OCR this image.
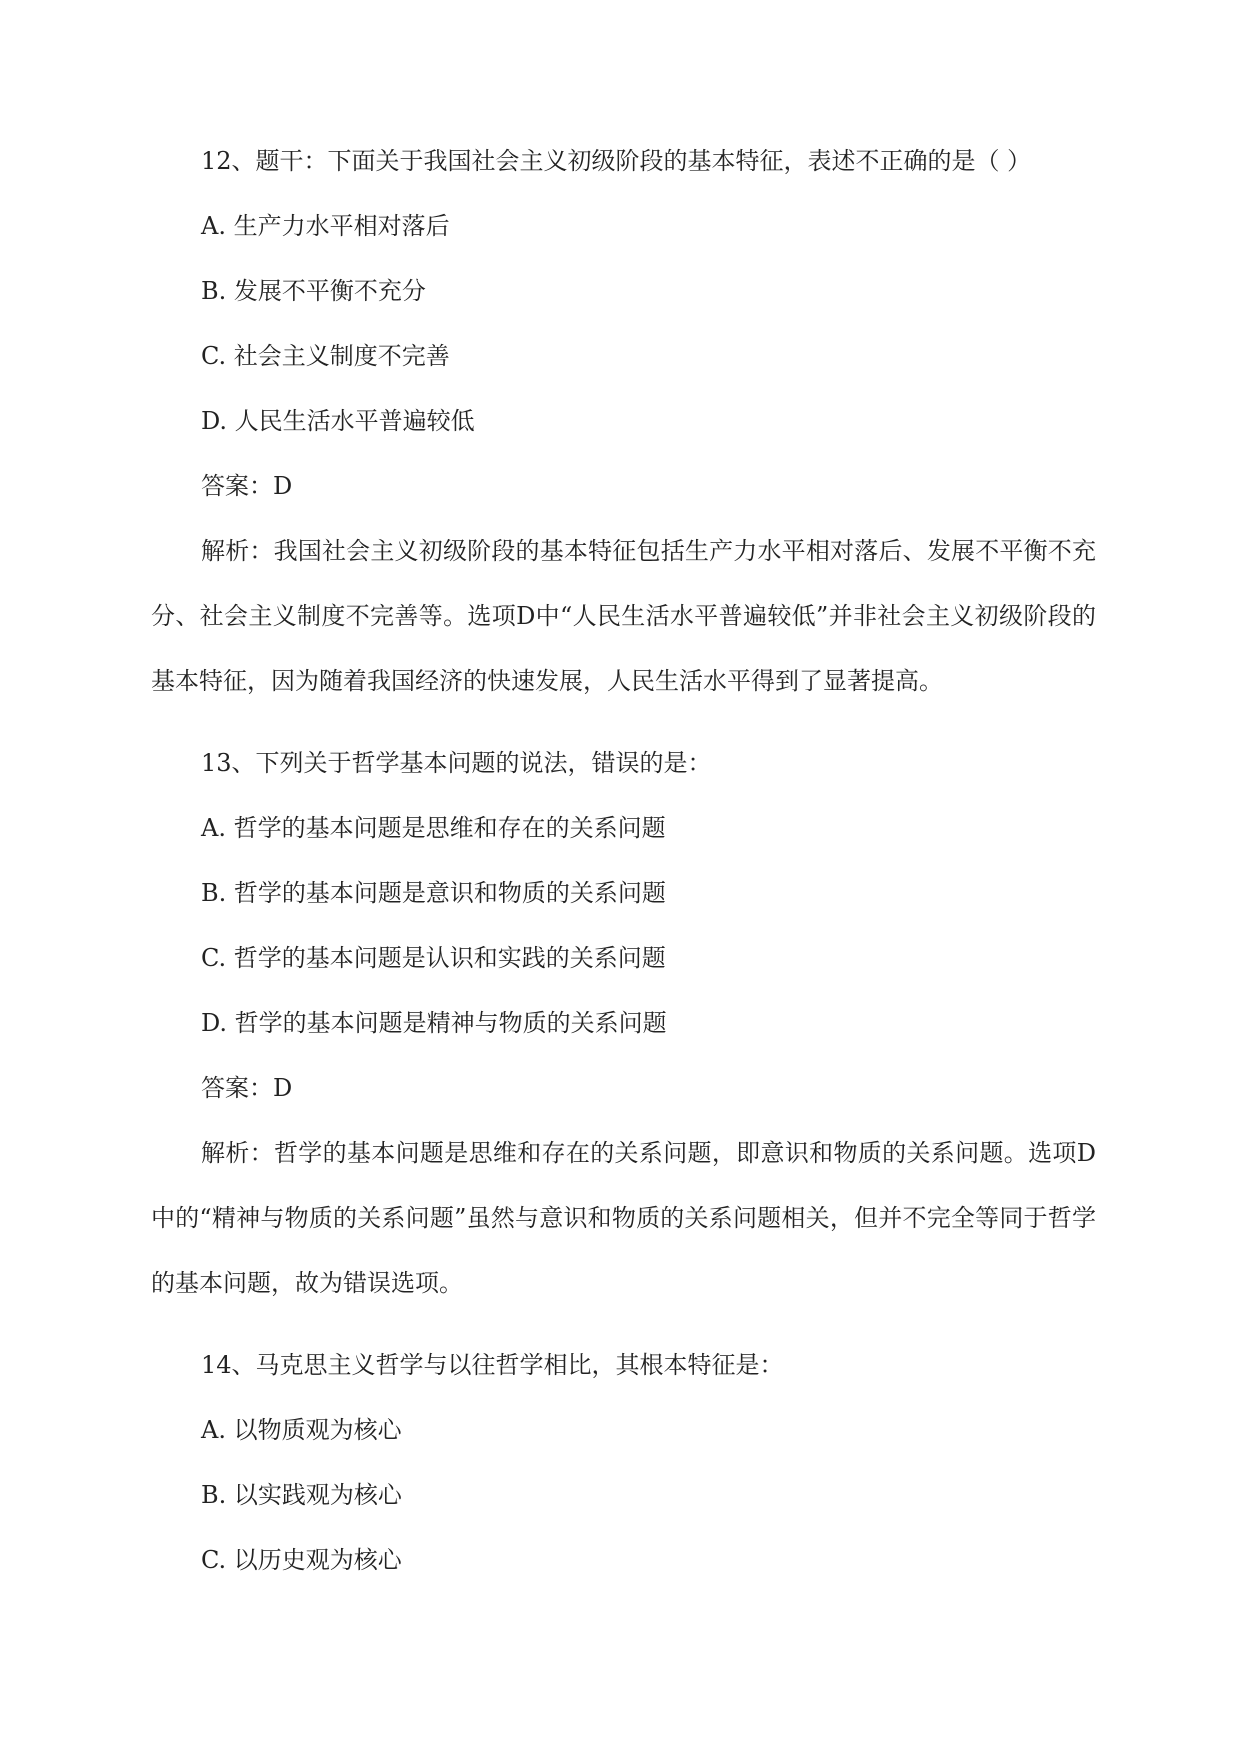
12、题干：下面关于我国社会主义初级阶段的基本特征，表述不正确的是（ ）

A. 生产力水平相对落后

B. 发展不平衡不充分

C. 社会主义制度不完善

D. 人民生活水平普遍较低

答案：D

解析：我国社会主义初级阶段的基本特征包括生产力水平相对落后、发展不平衡不充分、社会主义制度不完善等。选项D中“人民生活水平普遍较低”并非社会主义初级阶段的基本特征，因为随着我国经济的快速发展，人民生活水平得到了显著提高。

13、下列关于哲学基本问题的说法，错误的是：

A. 哲学的基本问题是思维和存在的关系问题

B. 哲学的基本问题是意识和物质的关系问题

C. 哲学的基本问题是认识和实践的关系问题

D. 哲学的基本问题是精神与物质的关系问题

答案：D

解析：哲学的基本问题是思维和存在的关系问题，即意识和物质的关系问题。选项D中的“精神与物质的关系问题”虽然与意识和物质的关系问题相关，但并不完全等同于哲学的基本问题，故为错误选项。

14、马克思主义哲学与以往哲学相比，其根本特征是：

A. 以物质观为核心

B. 以实践观为核心

C. 以历史观为核心
